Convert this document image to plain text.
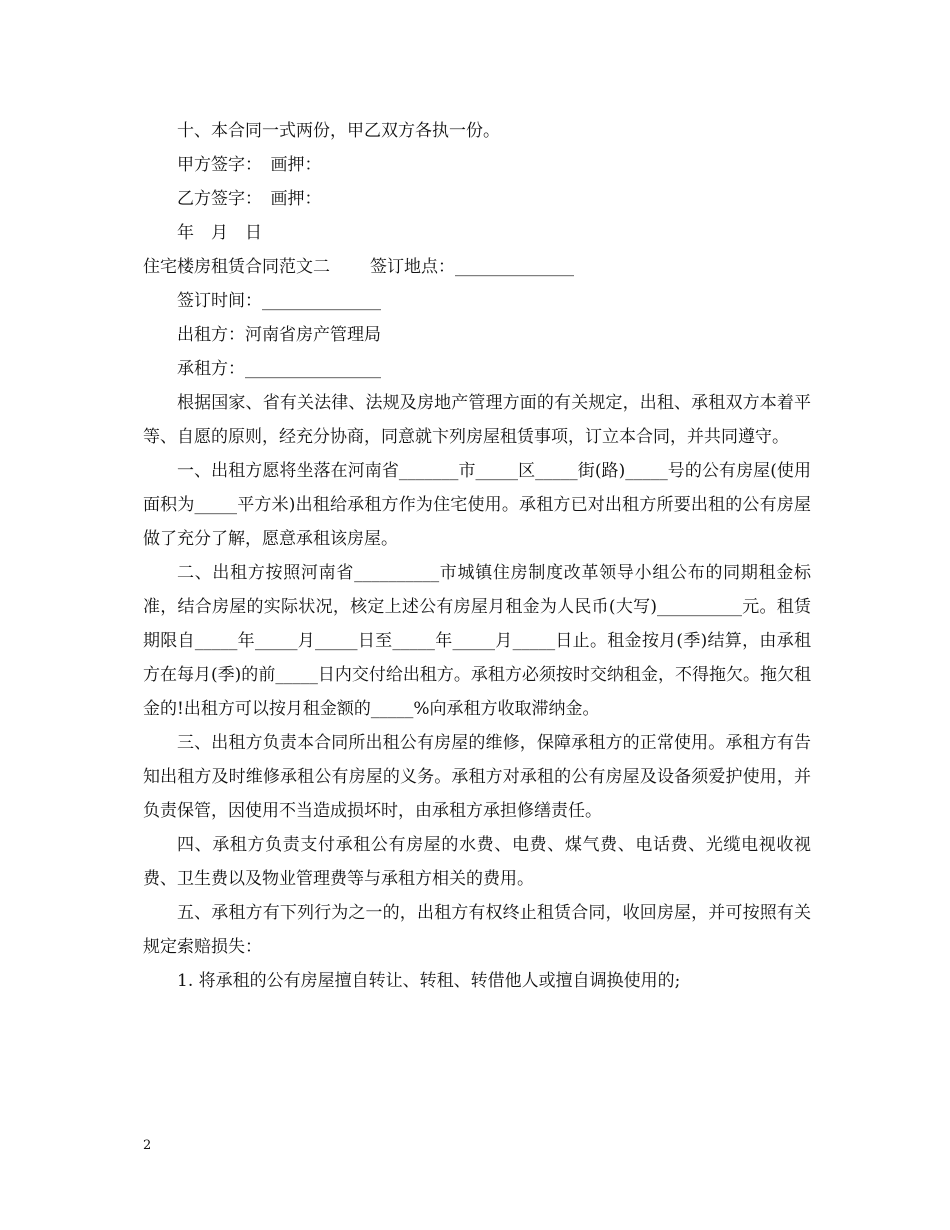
十、本合同一式两份，甲乙双方各执一份。

甲方签字：　画押：

乙方签字：　画押：

年　月　日

住宅楼房租赁合同范文二 签订地点：______________

签订时间：______________

出租方：河南省房产管理局

承租方：________________

根据国家、省有关法律、法规及房地产管理方面的有关规定，出租、承租双方本着平等、自愿的原则，经充分协商，同意就卞列房屋租赁事项，订立本合同，并共同遵守。

一、出租方愿将坐落在河南省_______市_____区_____街(路)_____号的公有房屋(使用面积为_____平方米)出租给承租方作为住宅使用。承租方已对出租方所要出租的公有房屋做了充分了解，愿意承租该房屋。

二、出租方按照河南省__________市城镇住房制度改革领导小组公布的同期租金标准，结合房屋的实际状况，核定上述公有房屋月租金为人民币(大写)__________元。租赁期限自_____年_____月_____日至_____年_____月_____日止。租金按月(季)结算，由承租方在每月(季)的前_____日内交付给出租方。承租方必须按时交纳租金，不得拖欠。拖欠租金的!出租方可以按月租金额的_____%向承租方收取滞纳金。

三、出租方负责本合同所出租公有房屋的维修，保障承租方的正常使用。承租方有告知出租方及时维修承租公有房屋的义务。承租方对承租的公有房屋及设备须爱护使用，并负责保管，因使用不当造成损坏时，由承租方承担修缮责任。

四、承租方负责支付承租公有房屋的水费、电费、煤气费、电话费、光缆电视收视费、卫生费以及物业管理费等与承租方相关的费用。

五、承租方有下列行为之一的，出租方有权终止租赁合同，收回房屋，并可按照有关规定索赔损失：

1. 将承租的公有房屋擅自转让、转租、转借他人或擅自调换使用的;

2
